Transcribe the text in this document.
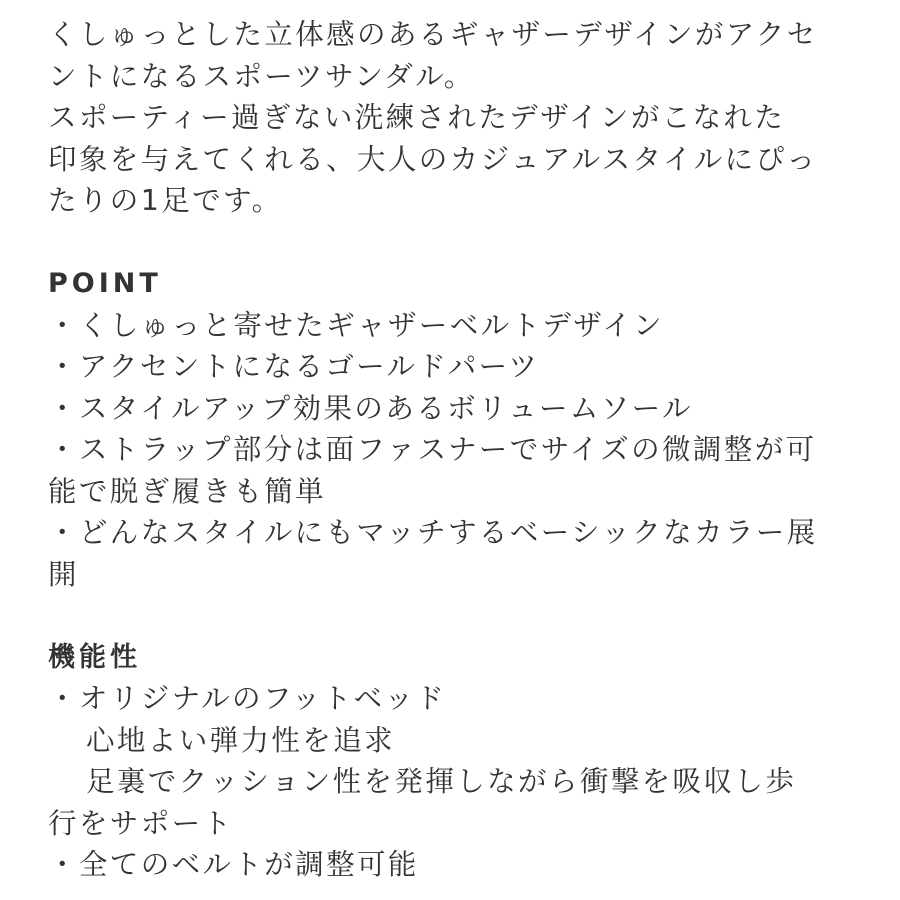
くしゅっとした立体感のあるギャザーデザインがアクセ

ントになるスポーツサンダル。

スポーティー過ぎない洗練されたデザインがこなれた

印象を与えてくれる、大人のカジュアルスタイルにぴっ

たりの1足です。

POINT

・くしゅっと寄せたギャザーベルトデザイン

・アクセントになるゴールドパーツ

・スタイルアップ効果のあるボリュームソール

・ストラップ部分は面ファスナーでサイズの微調整が可

能で脱ぎ履きも簡単

・どんなスタイルにもマッチするベーシックなカラー展

開

機能性

・オリジナルのフットベッド

心地よい弾力性を追求

足裏でクッション性を発揮しながら衝撃を吸収し歩

行をサポート

・全てのベルトが調整可能
